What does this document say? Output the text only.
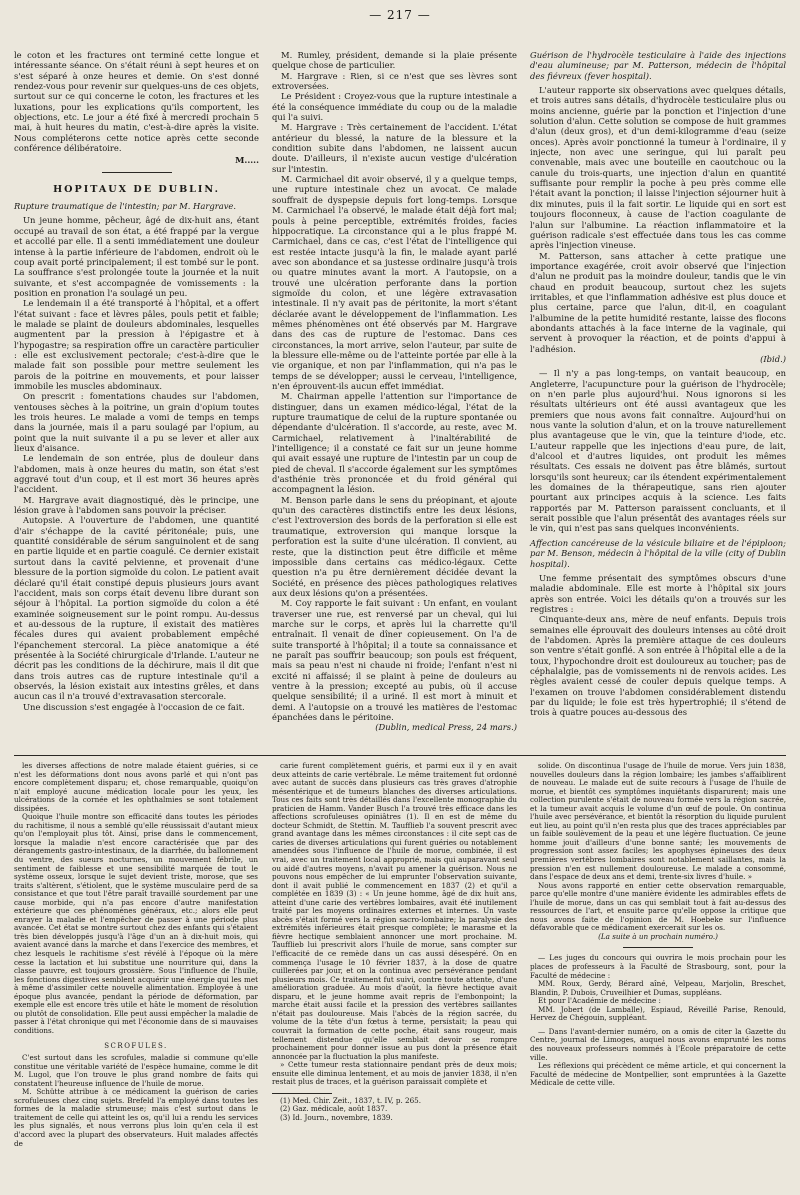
— 217 —

le coton et les fractures ont terminé cette longue et intéressante séance. On s'était réuni à sept heures et on s'est séparé à onze heures et demie. On s'est donné rendez-vous pour revenir sur quelques-uns de ces objets, surtout sur ce qui concerne le coton, les fractures et les luxations, pour les explications qu'ils comportent, les objections, etc. Le jour a été fixé à mercredi prochain 5 mai, à huit heures du matin, c'est-à-dire après la visite. Nous compléterons cette notice après cette seconde conférence délibératoire.

M.....
HOPITAUX DE DUBLIN.

Rupture traumatique de l'intestin; par M. Hargrave.

Un jeune homme, pêcheur, âgé de dix-huit ans, étant occupé au travail de son état, a été frappé par la vergue et accollé par elle. Il a senti immédiatement une douleur intense à la partie inférieure de l'abdomen, endroit où le coup avait porté principalement; il est tombé sur le pont. La souffrance s'est prolongée toute la journée et la nuit suivante, et s'est accompagnée de vomissements : la position en pronation l'a soulagé un peu.

Le lendemain il a été transporté à l'hôpital, et a offert l'état suivant : face et lèvres pâles, pouls petit et faible; le malade se plaint de douleurs abdominales, lesquelles augmentent par la pression à l'épigastre et à l'hypogastre; sa respiration offre un caractère particulier : elle est exclusivement pectorale; c'est-à-dire que le malade fait son possible pour mettre seulement les parois de la poitrine en mouvements, et pour laisser immobile les muscles abdominaux.

On prescrit : fomentations chaudes sur l'abdomen, ventouses sèches à la poitrine, un grain d'opium toutes les trois heures. Le malade a vomi de temps en temps dans la journée, mais il a paru soulagé par l'opium, au point que la nuit suivante il a pu se lever et aller aux lieux d'aisance.

Le lendemain de son entrée, plus de douleur dans l'abdomen, mais à onze heures du matin, son état s'est aggravé tout d'un coup, et il est mort 36 heures après l'accident.

M. Hargrave avait diagnostiqué, dès le principe, une lésion grave à l'abdomen sans pouvoir la préciser.

Autopsie. A l'ouverture de l'abdomen, une quantité d'air s'échappe de la cavité péritonéale; puis, une quantité considérable de sérum sanguinolent et de sang en partie liquide et en partie coagulé. Ce dernier existait surtout dans la cavité pelvienne, et provenait d'une blessure de la portion sigmoïde du colon. Le patient avait déclaré qu'il était constipé depuis plusieurs jours avant l'accident, mais son corps était devenu libre durant son séjour à l'hôpital. La portion sigmoïde du colon a été examinée soigneusement sur le point rompu. Au-dessus et au-dessous de la rupture, il existait des matières fécales dures qui avaient probablement empêché l'épanchement stercoral. La pièce anatomique a été présentée à la Société chirurgicale d'Irlande. L'auteur ne décrit pas les conditions de la déchirure, mais il dit que dans trois autres cas de rupture intestinale qu'il a observés, la lésion existait aux intestins grêles, et dans aucun cas il n'a trouvé d'extravasation stercorale.

Une discussion s'est engagée à l'occasion de ce fait.

M. Rumley, président, demande si la plaie présente quelque chose de particulier.

M. Hargrave : Rien, si ce n'est que ses lèvres sont extroversées.

Le Président : Croyez-vous que la rupture intestinale a été la conséquence immédiate du coup ou de la maladie qui l'a suivi.

M. Hargrave : Très certainement de l'accident. L'état antérieur du blessé, la nature de la blessure et la condition subite dans l'abdomen, ne laissent aucun doute. D'ailleurs, il n'existe aucun vestige d'ulcération sur l'intestin.

M. Carmichael dit avoir observé, il y a quelque temps, une rupture intestinale chez un avocat. Ce malade souffrait de dyspepsie depuis fort long-temps. Lorsque M. Carmichael l'a observé, le malade était déjà fort mal; pouls à peine perceptible, extrémités froides, facies hippocratique. La circonstance qui a le plus frappé M. Carmichael, dans ce cas, c'est l'état de l'intelligence qui est restée intacte jusqu'à la fin, le malade ayant parlé avec son abondance et sa justesse ordinaire jusqu'à trois ou quatre minutes avant la mort. A l'autopsie, on a trouvé une ulcération perforante dans la portion sigmoïde du colon, et une légère extravasation intestinale. Il n'y avait pas de péritonite, la mort s'étant déclarée avant le développement de l'inflammation. Les mêmes phénomènes ont été observés par M. Hargrave dans des cas de rupture de l'estomac. Dans ces circonstances, la mort arrive, selon l'auteur, par suite de la blessure elle-même ou de l'atteinte portée par elle à la vie organique, et non par l'inflammation, qui n'a pas le temps de se développer; aussi le cerveau, l'intelligence, n'en éprouvent-ils aucun effet immédiat.

M. Chairman appelle l'attention sur l'importance de distinguer, dans un examen médico-légal, l'état de la rupture traumatique de celui de la rupture spontanée ou dépendante d'ulcération. Il s'accorde, au reste, avec M. Carmichael, relativement à l'inaltérabilité de l'intelligence; il a constaté ce fait sur un jeune homme qui avait essayé une rupture de l'intestin par un coup de pied de cheval. Il s'accorde également sur les symptômes d'asthénie très prononcée et du froid général qui accompagnent la lésion.

M. Benson parle dans le sens du préopinant, et ajoute qu'un des caractères distinctifs entre les deux lésions, c'est l'extroversion des bords de la perforation si elle est traumatique, extroversion qui manque lorsque la perforation est la suite d'une ulcération. Il convient, au reste, que la distinction peut être difficile et même impossible dans certains cas médico-légaux. Cette question n'a pu être dernièrement décidée devant la Société, en présence des pièces pathologiques relatives aux deux lésions qu'on a présentées.

M. Coy rapporte le fait suivant : Un enfant, en voulant traverser une rue, est renversé par un cheval, qui lui marche sur le corps, et après lui la charrette qu'il entraînait. Il venait de dîner copieusement. On l'a de suite transporté à l'hôpital; il a toute sa connaissance et ne paraît pas souffrir beaucoup; son pouls est fréquent, mais sa peau n'est ni chaude ni froide; l'enfant n'est ni excité ni affaissé; il se plaint à peine de douleurs au ventre à la pression; excepté au pubis, où il accuse quelque sensibilité; il a uriné. Il est mort à minuit et demi. A l'autopsie on a trouvé les matières de l'estomac épanchées dans le péritoine.

(Dublin, medical Press, 24 mars.)

Guérison de l'hydrocèle testiculaire à l'aide des injections d'eau alumineuse; par M. Patterson, médecin de l'hôpital des fiévreux (fever hospital).

L'auteur rapporte six observations avec quelques détails, et trois autres sans détails, d'hydrocèle testiculaire plus ou moins ancienne, guérie par la ponction et l'injection d'une solution d'alun. Cette solution se compose de huit grammes d'alun (deux gros), et d'un demi-kilogramme d'eau (seize onces). Après avoir ponctionné la tumeur à l'ordinaire, il y injecte, non avec une seringue, qui lui paraît peu convenable, mais avec une bouteille en caoutchouc ou la canule du trois-quarts, une injection d'alun en quantité suffisante pour remplir la poche à peu près comme elle l'était avant la ponction; il laisse l'injection séjourner huit à dix minutes, puis il la fait sortir. Le liquide qui en sort est toujours floconneux, à cause de l'action coagulante de l'alun sur l'albumine. La réaction inflammatoire et la guérison radicale s'est effectuée dans tous les cas comme après l'injection vineuse.

M. Patterson, sans attacher à cette pratique une importance exagérée, croit avoir observé que l'injection d'alun ne produit pas la moindre douleur, tandis que le vin chaud en produit beaucoup, surtout chez les sujets irritables, et que l'inflammation adhésive est plus douce et plus certaine, parce que l'alun, dit-il, en coagulant l'albumine de la petite humidité restante, laisse des flocons abondants attachés à la face interne de la vaginale, qui servent à provoquer la réaction, et de points d'appui à l'adhésion.

(Ibid.)

— Il n'y a pas long-temps, on vantait beaucoup, en Angleterre, l'acupuncture pour la guérison de l'hydrocèle; on n'en parle plus aujourd'hui. Nous ignorons si les résultats ultérieurs ont été aussi avantageux que les premiers que nous avons fait connaître. Aujourd'hui on nous vante la solution d'alun, et on la trouve naturellement plus avantageuse que le vin, que la teinture d'iode, etc. L'auteur rappelle que les injections d'eau pure, de lait, d'alcool et d'autres liquides, ont produit les mêmes résultats. Ces essais ne doivent pas être blâmés, surtout lorsqu'ils sont heureux; car ils étendent expérimentalement les domaines de la thérapeutique, sans rien ajouter pourtant aux principes acquis à la science. Les faits rapportés par M. Patterson paraissent concluants, et il serait possible que l'alun présentât des avantages réels sur le vin, qui n'est pas sans quelques inconvénients.

Affection cancéreuse de la vésicule biliaire et de l'épiploon; par M. Benson, médecin à l'hôpital de la ville (city of Dublin hospital).

Une femme présentait des symptômes obscurs d'une maladie abdominale. Elle est morte à l'hôpital six jours après son entrée. Voici les détails qu'on a trouvés sur les registres :

Cinquante-deux ans, mère de neuf enfants. Depuis trois semaines elle éprouvait des douleurs intenses au côté droit de l'abdomen. Après la première attaque de ces douleurs son ventre s'était gonflé. A son entrée à l'hôpital elle a de la toux, l'hypochondre droit est douloureux au toucher; pas de céphalalgie, pas de vomissements ni de renvois acides. Les règles avaient cessé de couler depuis quelque temps. A l'examen on trouve l'abdomen considérablement distendu par du liquide; le foie est très hypertrophié; il s'étend de trois à quatre pouces au-dessous des

les diverses affections de notre malade étaient guéries, si ce n'est les déformations dont nous avons parlé et qui n'ont pas encore complètement disparu; et, chose remarquable, quoiqu'on n'ait employé aucune médication locale pour les yeux, les ulcérations de la cornée et les ophthalmies se sont totalement dissipées.

Quoique l'huile montre son efficacité dans toutes les périodes du rachitisme, il nous a semblé qu'elle réussissait d'autant mieux qu'on l'employait plus tôt. Ainsi, prise dans le commencement, lorsque la maladie n'est encore caractérisée que par des dérangements gastro-intestinaux, de la diarrhée, du ballonnement du ventre, des sueurs nocturnes, un mouvement fébrile, un sentiment de faiblesse et une sensibilité marquée de tout le système osseux, lorsque le sujet devient triste, morose, que ses traits s'altèrent, s'étiolent, que le système musculaire perd de sa consistance et que tout l'être paraît travaillé sourdement par une cause morbide, qui n'a pas encore d'autre manifestation extérieure que ces phénomènes généraux, etc.; alors elle peut enrayer la maladie et l'empêcher de passer à une période plus avancée. Cet état se montre surtout chez des enfants qui s'étaient très bien développés jusqu'à l'âge d'un an à dix-huit mois, qui avaient avancé dans la marche et dans l'exercice des membres, et chez lesquels le rachitisme s'est révélé à l'époque où la mère cesse la lactation et lui substitue une nourriture qui, dans la classe pauvre, est toujours grossière. Sous l'influence de l'huile, les fonctions digestives semblent acquérir une énergie qui les met à même d'assimiler cette nouvelle alimentation. Employée à une époque plus avancée, pendant la période de déformation, par exemple elle est encore très utile et hâte le moment de résolution ou plutôt de consolidation. Elle peut aussi empêcher la maladie de passer à l'état chronique qui met l'économie dans de si mauvaises conditions.

SCROFULES.

C'est surtout dans les scrofules, maladie si commune qu'elle constitue une véritable variété de l'espèce humaine, comme le dit M. Lugol, que l'on trouve le plus grand nombre de faits qui constatent l'heureuse influence de l'huile de morue.

M. Schütte attribue à ce médicament la guérison de caries scrofuleuses chez cinq sujets. Brefeld l'a employé dans toutes les formes de la maladie strumeuse; mais c'est surtout dans le traitement de celle qui atteint les os, qu'il lui a rendu les services les plus signalés, et nous verrons plus loin qu'en cela il est d'accord avec la plupart des observateurs. Huit malades affectés de

carie furent complètement guéris, et parmi eux il y en avait deux atteints de carie vertébrale. Le même traitement fut ordonné avec autant de succès dans plusieurs cas très graves d'atrophie mésentérique et de tumeurs blanches des diverses articulations. Tous ces faits sont très détaillés dans l'excellente monographie du praticien de Hamm. Vander Busch l'a trouvé très efficace dans les affections scrofuleuses opiniâtres (1). Il en est de même du docteur Schmidt, de Stettin. M. Taufflieb l'a souvent prescrit avec grand avantage dans les mêmes circonstances : il cite sept cas de caries de diverses articulations qui furent guéries ou notablement amendées sous l'influence de l'huile de morue, combinée, il est vrai, avec un traitement local approprié, mais qui auparavant seul ou aidé d'autres moyens, n'avait pu amener la guérison. Nous ne pouvons nous empêcher de lui emprunter l'observation suivante, dont il avait publié le commencement en 1837 (2) et qu'il a complétée en 1839 (3) : « Un jeune homme, âgé de dix huit ans, atteint d'une carie des vertèbres lombaires, avait été inutilement traité par les moyens ordinaires externes et internes. Un vaste abcès s'était formé vers la région sacro-lombaire; la paralysie des extrémités inférieures était presque complète; le marasme et la fièvre hectique semblaient annoncer une mort prochaine. M. Taufflieb lui prescrivit alors l'huile de morue, sans compter sur l'efficacité de ce remède dans un cas aussi désespéré. On en commença l'usage le 10 février 1837, à la dose de quatre cuillerées par jour, et on la continua avec persévérance pendant plusieurs mois. Ce traitement fut suivi, contre toute attente, d'une amélioration graduée. Au mois d'août, la fièvre hectique avait disparu, et le jeune homme avait repris de l'embonpoint; la marche était aussi facile et la pression des vertèbres saillantes n'était pas douloureuse. Mais l'abcès de la région sacrée, du volume de la tête d'un fœtus à terme, persistait; la peau qui couvrait la formation de cette poche, était sans rougeur, mais tellement distendue qu'elle semblait devoir se rompre prochainement pour donner issue au pus dont la présence était annoncée par la fluctuation la plus manifeste.

» Cette tumeur resta stationnaire pendant près de deux mois; ensuite elle diminua lentement, et au mois de janvier 1838, il n'en restait plus de traces, et la guérison paraissait complète et

(1) Med. Chir. Zeit., 1837, t. IV, p. 265.

(2) Gaz. médicale, août 1837.

(3) Id. Journ., novembre, 1839.

solide. On discontinua l'usage de l'huile de morue. Vers juin 1838, nouvelles douleurs dans la région lombaire; les jambes s'affaiblirent de nouveau. Le malade eut de suite recours à l'usage de l'huile de morue, et bientôt ces symptômes inquiétants disparurent; mais une collection purulente s'était de nouveau formée vers la région sacrée, et la tumeur avait acquis le volume d'un œuf de poule. On continua l'huile avec persévérance, et bientôt la résorption du liquide purulent eut lieu, au point qu'il n'en resta plus que des traces appréciables par un faible soulèvement de la peau et une légère fluctuation. Ce jeune homme jouit d'ailleurs d'une bonne santé; les mouvements de progression sont assez faciles; les apophyses épineuses des deux premières vertèbres lombaires sont notablement saillantes, mais la pression n'en est nullement douloureuse. Le malade a consommé, dans l'espace de deux ans et demi, trente-six livres d'huile. »

Nous avons rapporté en entier cette observation remarquable, parce qu'elle montre d'une manière évidente les admirables effets de l'huile de morue, dans un cas qui semblait tout à fait au-dessus des ressources de l'art, et ensuite parce qu'elle oppose la critique que nous avons faite de l'opinion de M. Hoebeke sur l'influence défavorable que ce médicament exercerait sur les os.

(La suite à un prochain numéro.)

— Les juges du concours qui ouvrira le mois prochain pour les places de professeurs à la Faculté de Strasbourg, sont, pour la Faculté de médecine :

MM. Roux, Gerdy, Bérard aîné, Velpeau, Marjolin, Breschet, Blandin, P. Dubois, Cruveilhier et Dumas, suppléans.

Et pour l'Académie de médecine :

MM. Jobert (de Lamballe), Espiaud, Réveillé Parise, Renould, Hervez de Chégouin, suppléant.

— Dans l'avant-dernier numéro, on a omis de citer la Gazette du Centre, journal de Limoges, auquel nous avons emprunté les noms des nouveaux professeurs nommés à l'École préparatoire de cette ville.

Les réflexions qui précèdent ce même article, et qui concernent la Faculté de médecine de Montpellier, sont empruntées à la Gazette Médicale de cette ville.
